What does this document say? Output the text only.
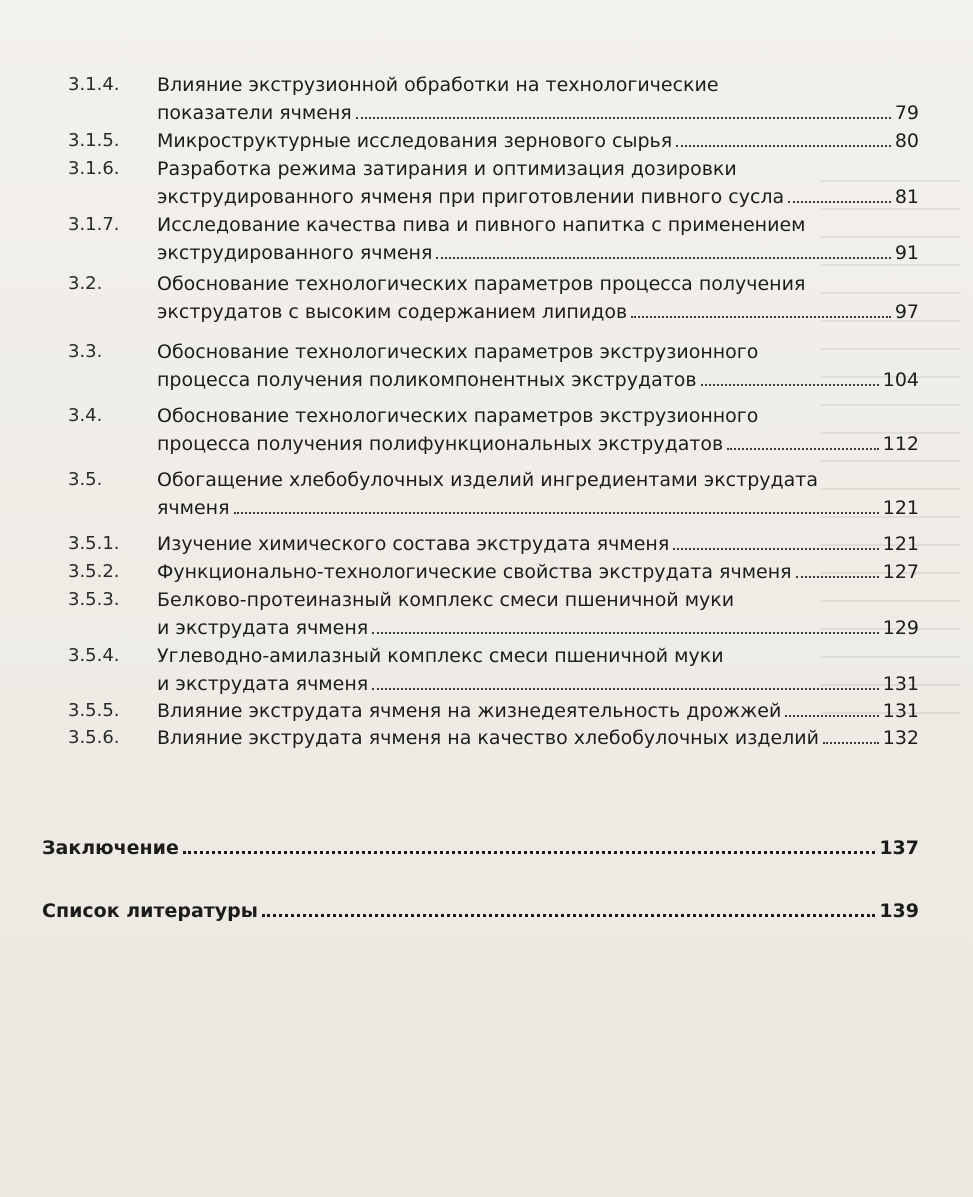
3.1.4. Влияние экструзионной обработки на технологические
показатели ячменя	79
3.1.5. Микроструктурные исследования зернового сырья	80
3.1.6. Разработка режима затирания и оптимизация дозировки
экструдированного ячменя при приготовлении пивного сусла	81
3.1.7. Исследование качества пива и пивного напитка с применением
экструдированного ячменя	91
3.2.	Обоснование технологических параметров процесса получения
экструдатов с высоким содержанием липидов	97
3.3.	Обоснование технологических параметров экструзионного
процесса получения поликомпонентных экструдатов	104
3.4.	Обоснование технологических параметров экструзионного
процесса получения полифункциональных экструдатов	112
3.5.	Обогащение хлебобулочных изделий ингредиентами экструдата
ячменя	121
3.5.1. Изучение химического состава экструдата ячменя	121
3.5.2. Функционально-технологические свойства экструдата ячменя	127
3.5.3. Белково-протеиназный комплекс смеси пшеничной муки
и экструдата ячменя	129
3.5.4. Углеводно-амилазный комплекс смеси пшеничной муки
и экструдата ячменя	131
3.5.5. Влияние экструдата ячменя на жизнедеятельность дрожжей	131
3.5.6. Влияние экструдата ячменя на качество хлебобулочных изделий	132
Заключение	137
Список литературы	139
